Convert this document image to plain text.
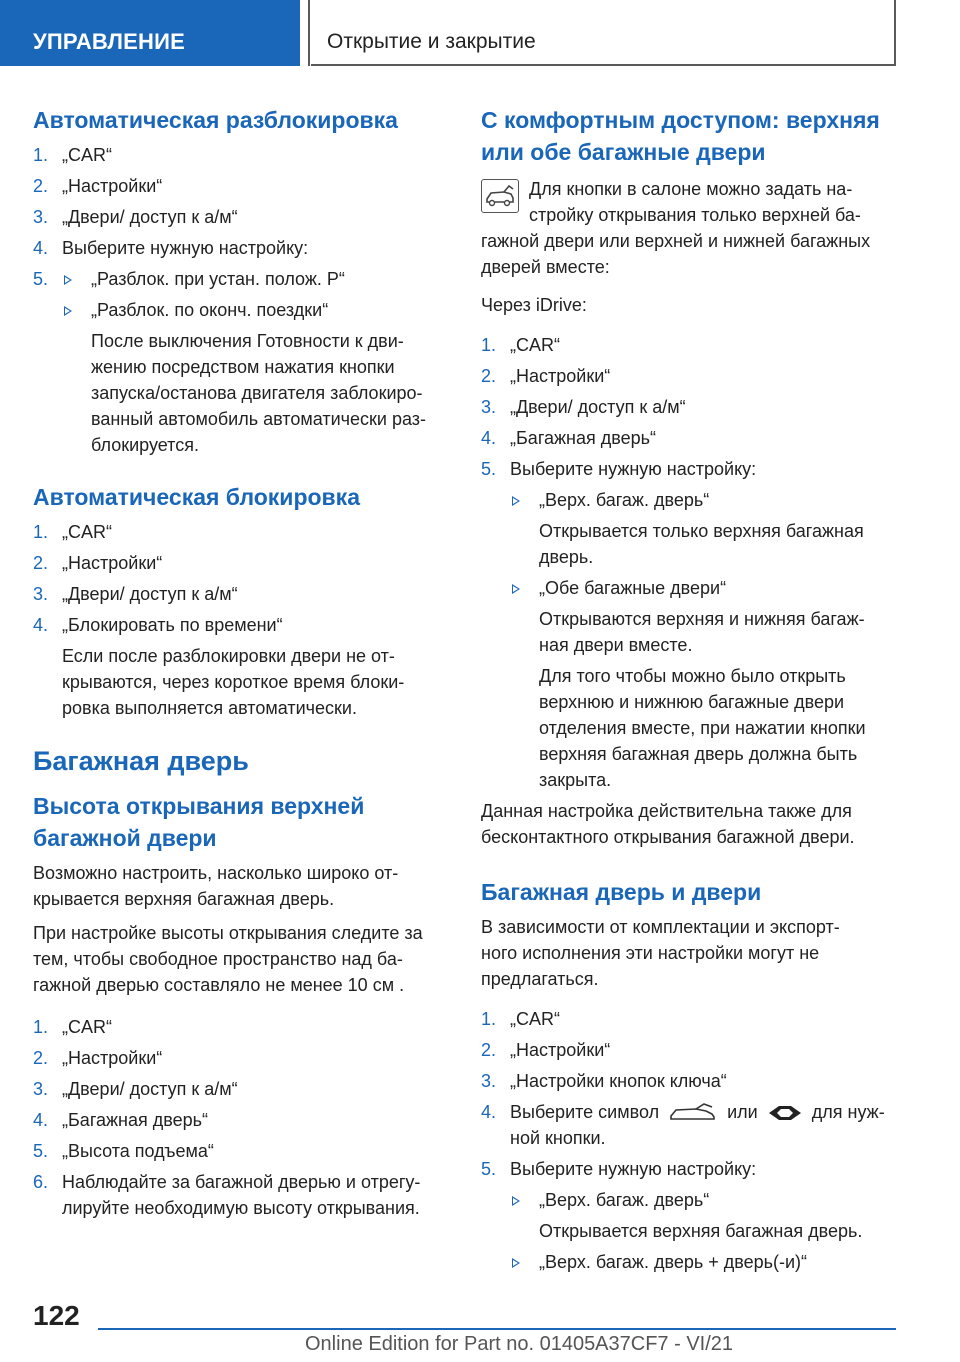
УПРАВЛЕНИЕ	Открытие и закрытие
Автоматическая разблокировка
1. „CAR“
2. „Настройки“
3. „Двери/ доступ к а/м“
4. Выберите нужную настройку:
5. „Разблок. при устан. полож. P“
„Разблок. по оконч. поездки“
После выключения Готовности к дви-
жению посредством нажатия кнопки
запуска/останова двигателя заблокиро-
ванный автомобиль автоматически раз-
блокируется.
Автоматическая блокировка
1. „CAR“
2. „Настройки“
3. „Двери/ доступ к а/м“
4. „Блокировать по времени“
Если после разблокировки двери не от-
крываются, через короткое время блоки-
ровка выполняется автоматически.
Багажная дверь
Высота открывания верхней
багажной двери

Возможно настроить, насколько широко от-
крывается верхняя багажная дверь.

При настройке высоты открывания следите за
тем, чтобы свободное пространство над ба-
гажной дверью составляло не менее 10 см .

1. „CAR“
2. „Настройки“
3. „Двери/ доступ к а/м“
4. „Багажная дверь“
5. „Высота подъема“
6. Наблюдайте за багажной дверью и отрегу-
лируйте необходимую высоту открывания.
С комфортным доступом: верхняя
или обе багажные двери

Для кнопки в салоне можно задать на-
стройку открывания только верхней ба-
гажной двери или верхней и нижней багажных
дверей вместе:

Через iDrive:

1. „CAR“
2. „Настройки“
3. „Двери/ доступ к а/м“
4. „Багажная дверь“
5. Выберите нужную настройку:
„Верх. багаж. дверь“
Открывается только верхняя багажная
дверь.
„Обе багажные двери“
Открываются верхняя и нижняя багаж-
ная двери вместе.
Для того чтобы можно было открыть
верхнюю и нижнюю багажные двери
отделения вместе, при нажатии кнопки
верхняя багажная дверь должна быть
закрыта.

Данная настройка действительна также для
бесконтактного открывания багажной двери.

Багажная дверь и двери

В зависимости от комплектации и экспорт-
ного исполнения эти настройки могут не
предлагаться.

1. „CAR“
2. „Настройки“
3. „Настройки кнопок ключа“
4. Выберите символ	или	для нуж-
ной кнопки.
5. Выберите нужную настройку:
„Верх. багаж. дверь“
Открывается верхняя багажная дверь.
„Верх. багаж. дверь + дверь(-и)“
122
Online Edition for Part no. 01405A37CF7 - VI/21
